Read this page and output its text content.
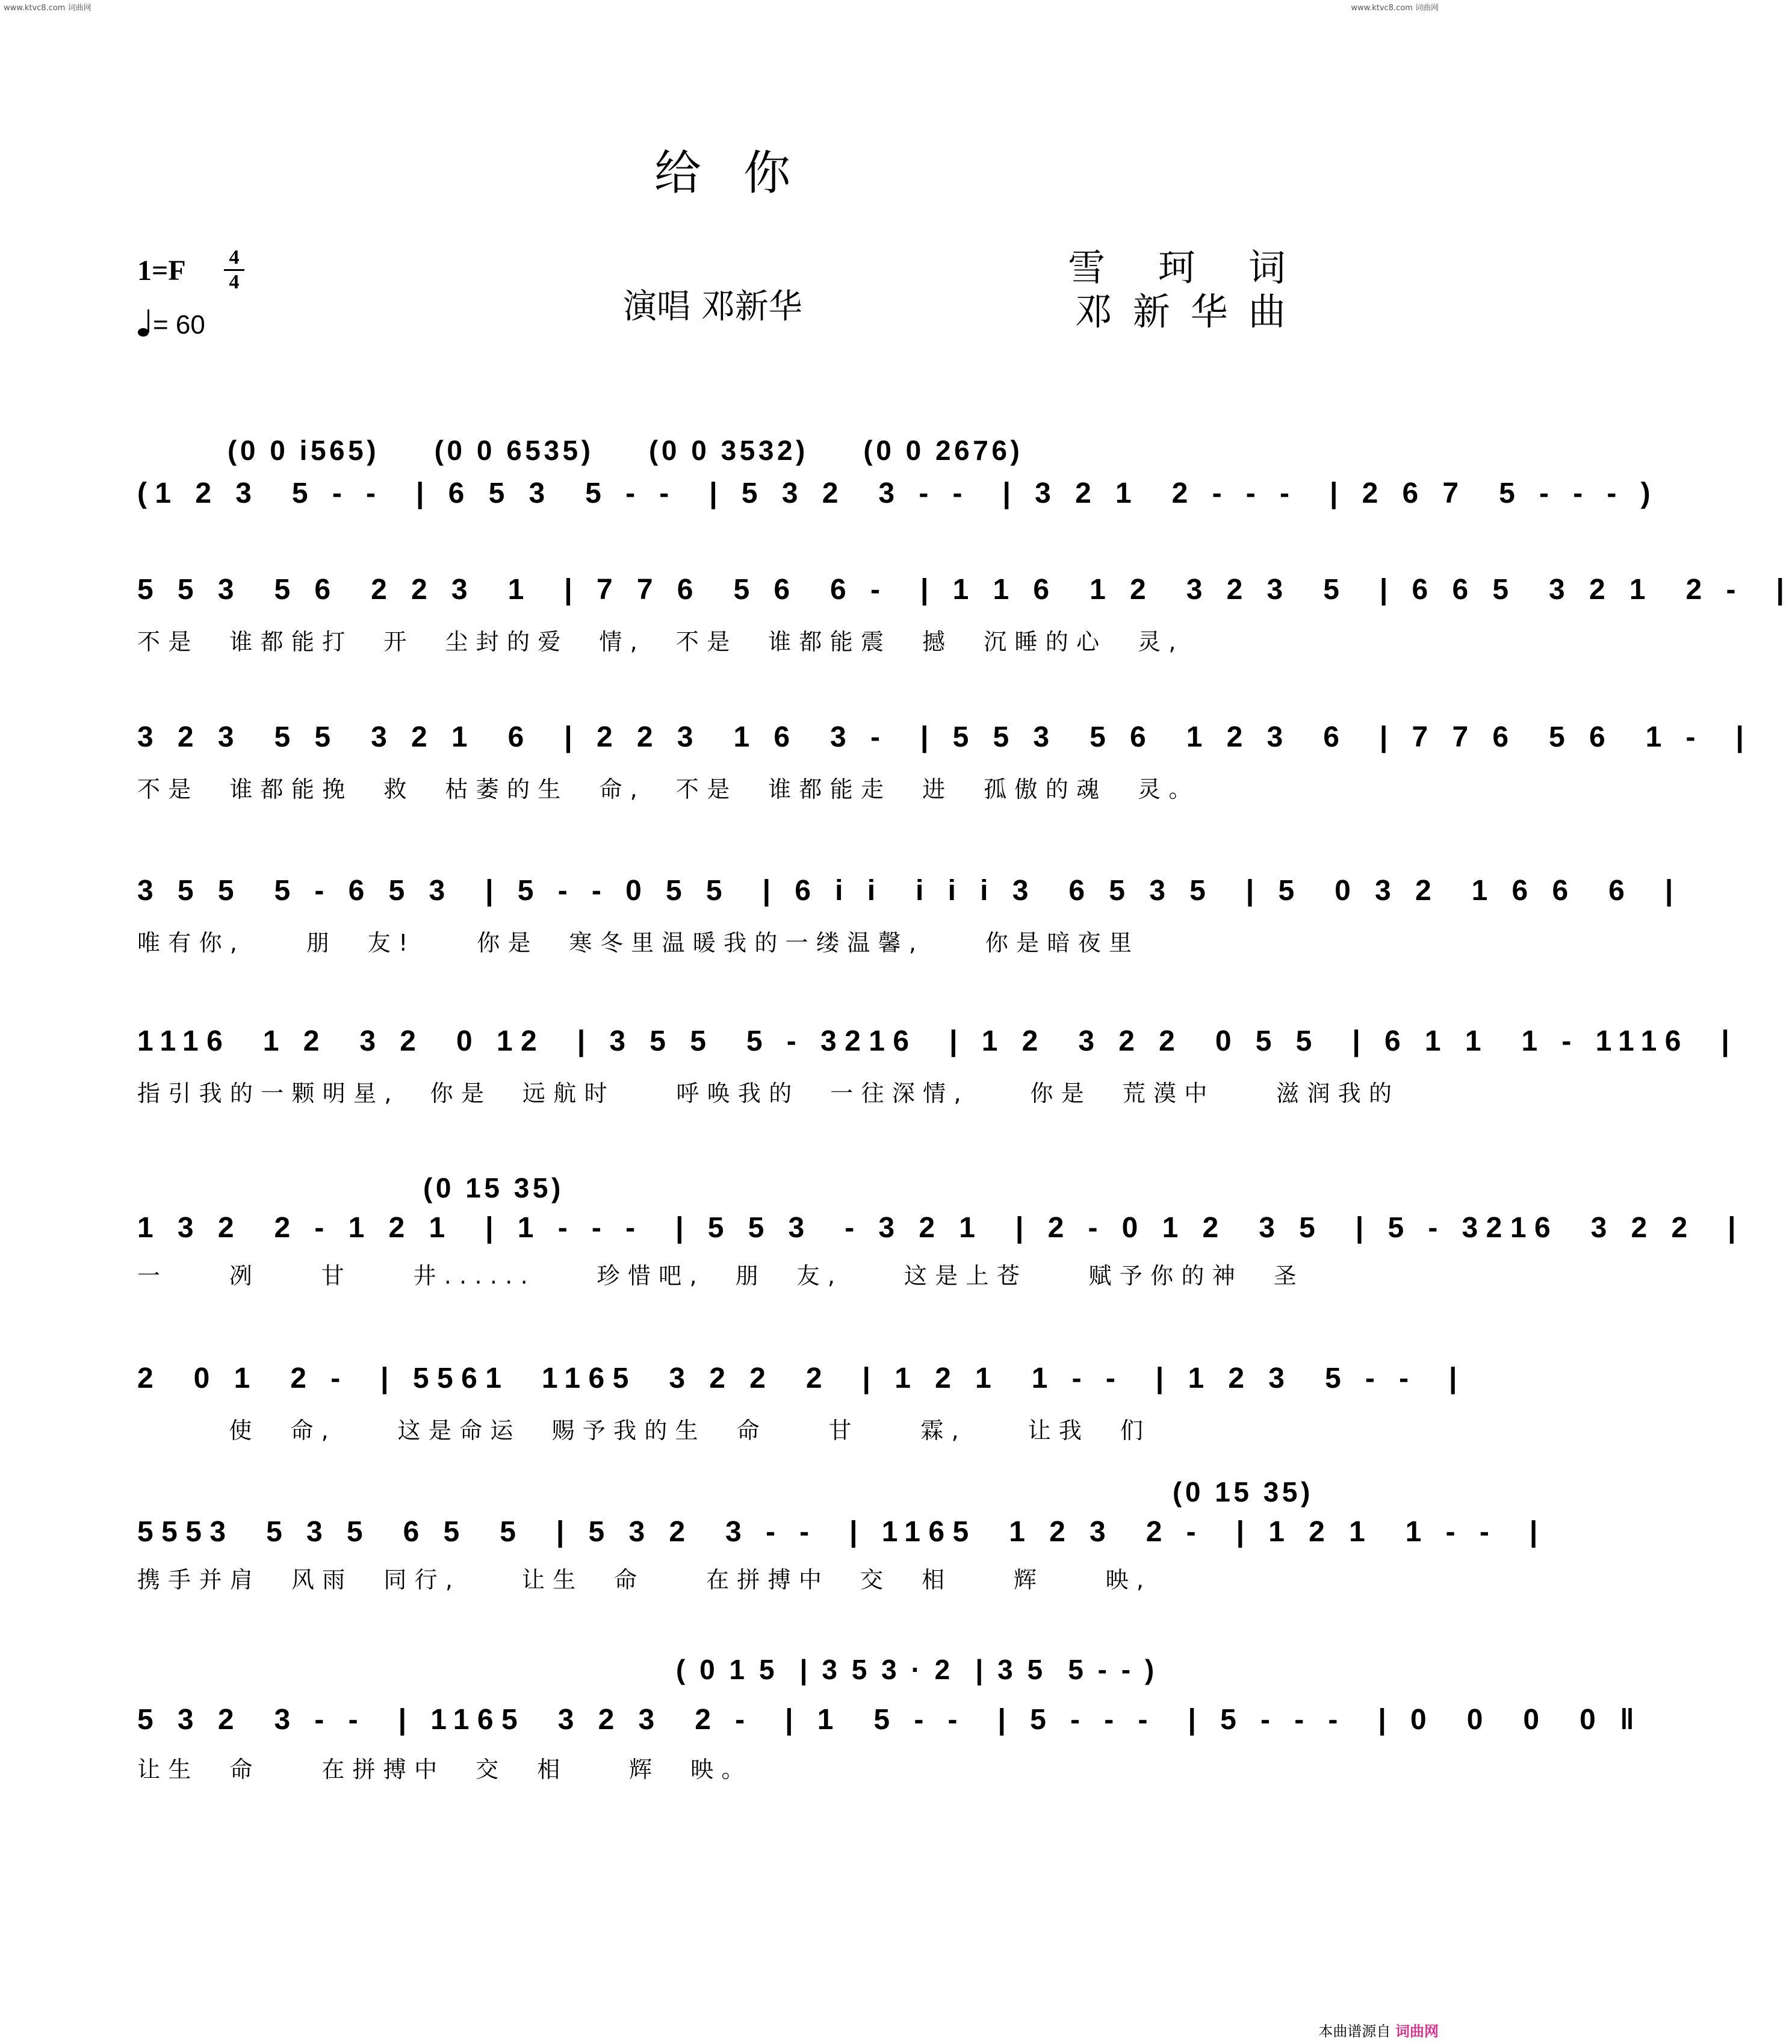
www.ktvc8.com 词曲网	www.ktvc8.com 词曲网
给你
1=F 4
4
= 60	演唱 邓新华
雪 珂 词
邓新华曲
(0 0 i565)     (0 0 6535)     (0 0 3532)     (0 0 2676)
(1 2 3  5 - -  | 6 5 3  5 - -  | 5 3 2  3 - -  | 3 2 1  2 - - -  | 2 6 7  5 - - - )
5 5 3  5 6  2 2 3  1  | 7 7 6  5 6  6 -  | 1 1 6  1 2  3 2 3  5  | 6 6 5  3 2 1  2 -  |
不是  谁都能打  开  尘封的爱  情,  不是  谁都能震  撼  沉睡的心  灵,
3 2 3  5 5  3 2 1  6  | 2 2 3  1 6  3 -  | 5 5 3  5 6  1 2 3  6  | 7 7 6  5 6  1 -  |
不是  谁都能挽  救  枯萎的生  命,  不是  谁都能走  进  孤傲的魂  灵。
3 5 5  5 - 6 5 3  | 5 - - 0 5 5  | 6 i i  i i i 3  6 5 3 5  | 5  0 3 2  1 6 6  6  |
唯有你,    朋  友!    你是  寒冬里温暖我的一缕温馨,    你是暗夜里
1116  1 2  3 2  0 12  | 3 5 5  5 - 3216  | 1 2  3 2 2  0 5 5  | 6 1 1  1 - 1116  |
指引我的一颗明星,  你是  远航时    呼唤我的  一往深情,    你是  荒漠中    滋润我的
(0 15 35)
1 3 2  2 - 1 2 1  | 1 - - -  | 5 5 3  - 3 2 1  | 2 - 0 1 2  3 5  | 5 - 3216  3 2 2  |
一    冽    甘    井......    珍惜吧,  朋  友,    这是上苍    赋予你的神  圣
2  0 1  2 -  | 5561  1165  3 2 2  2  | 1 2 1  1 - -  | 1 2 3  5 - -  |
使  命,    这是命运  赐予我的生  命    甘    霖,    让我  们
(0 15 35)
5553  5 3 5  6 5  5  | 5 3 2  3 - -  | 1165  1 2 3  2 -  | 1 2 1  1 - -  |
携手并肩  风雨  同行,    让生  命    在拼搏中  交  相    辉    映,
( 0 1 5  | 3 5 3 · 2  | 3 5  5 - - )
5 3 2  3 - -  | 1165  3 2 3  2 -  | 1  5 - -  | 5 - - -  | 5 - - -  | 0  0  0  0 ‖
让生  命    在拼搏中  交  相    辉  映。
本曲谱源自 词曲网
